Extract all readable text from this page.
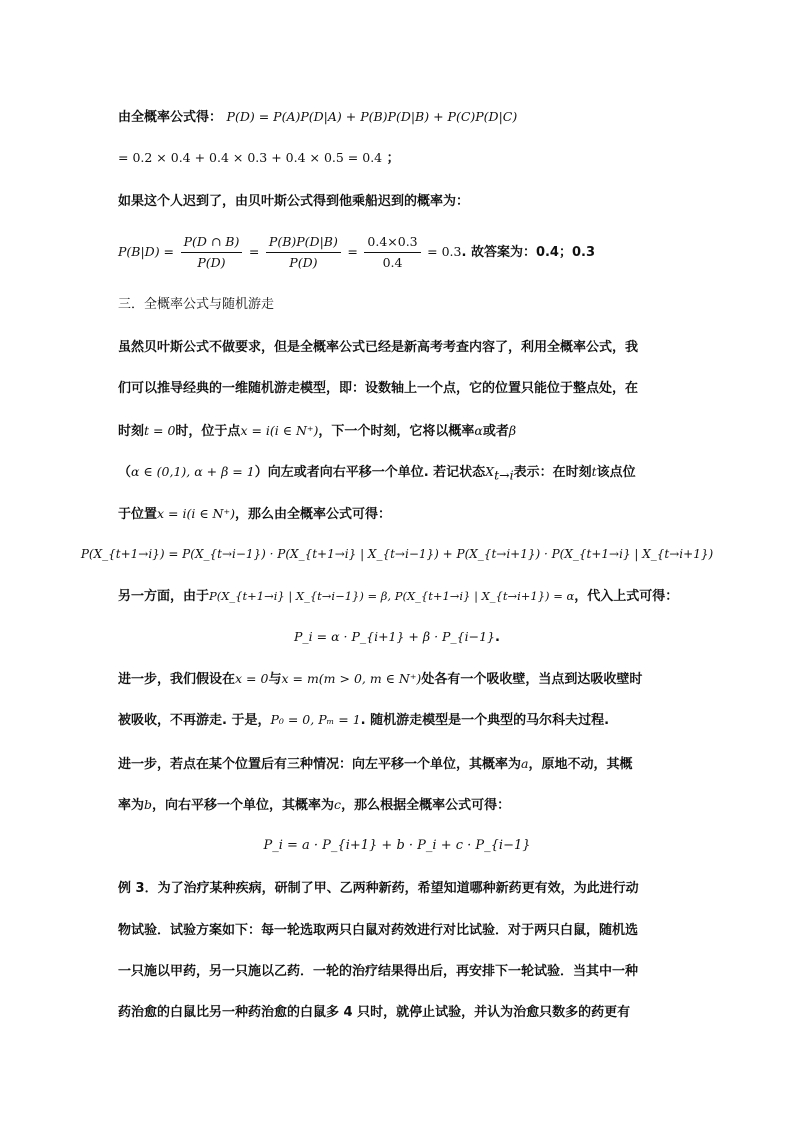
由全概率公式得： P(D) = P(A)P(D|A) + P(B)P(D|B) + P(C)P(D|C)
= 0.2 × 0.4 + 0.4 × 0.3 + 0.4 × 0.5 = 0.4 ；
如果这个人迟到了，由贝叶斯公式得到他乘船迟到的概率为：
$P(B|D) = \frac{P(D \cap B)}{P(D)} = \frac{P(B)P(D|B)}{P(D)} = \frac{0.4\times 0.3}{0.4} = 0.3$. 故答案为：0.4；0.3
三．全概率公式与随机游走
虽然贝叶斯公式不做要求，但是全概率公式已经是新高考考查内容了，利用全概率公式，我
们可以推导经典的一维随机游走模型，即：设数轴上一个点，它的位置只能位于整点处，在
时刻t = 0时，位于点x = i(i ∈ N⁺)，下一个时刻，它将以概率α或者β
（α ∈ (0,1), α + β = 1）向左或者向右平移一个单位. 若记状态$X_{t\to i}$表示：在时刻t该点位
于位置x = i(i ∈ N⁺)，那么由全概率公式可得：
P(X_{t+1→i}) = P(X_{t→i−1}) · P(X_{t+1→i} | X_{t→i−1}) + P(X_{t→i+1}) · P(X_{t+1→i} | X_{t→i+1})
另一方面，由于P(X_{t+1→i} | X_{t→i−1}) = β, P(X_{t+1→i} | X_{t→i+1}) = α，代入上式可得：
P_i = α · P_{i+1} + β · P_{i−1}.
进一步，我们假设在x = 0与x = m(m > 0, m ∈ N⁺)处各有一个吸收壁，当点到达吸收壁时
被吸收，不再游走. 于是，P₀ = 0, Pₘ = 1. 随机游走模型是一个典型的马尔科夫过程.
进一步，若点在某个位置后有三种情况：向左平移一个单位，其概率为a，原地不动，其概
率为b，向右平移一个单位，其概率为c，那么根据全概率公式可得：
P_i = a · P_{i+1} + b · P_i + c · P_{i−1}
例 3．为了治疗某种疾病，研制了甲、乙两种新药，希望知道哪种新药更有效，为此进行动
物试验．试验方案如下：每一轮选取两只白鼠对药效进行对比试验．对于两只白鼠，随机选
一只施以甲药，另一只施以乙药．一轮的治疗结果得出后，再安排下一轮试验．当其中一种
药治愈的白鼠比另一种药治愈的白鼠多 4 只时，就停止试验，并认为治愈只数多的药更有
